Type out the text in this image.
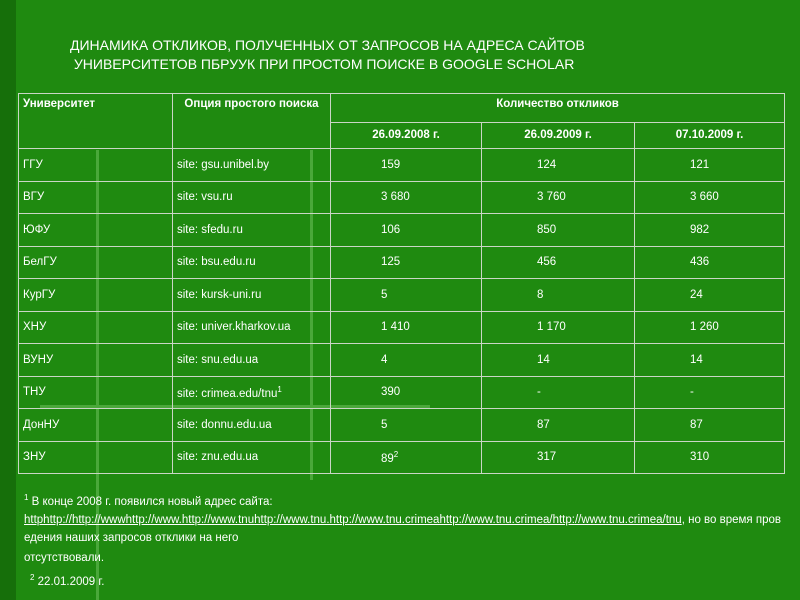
ДИНАМИКА ОТКЛИКОВ, ПОЛУЧЕННЫХ ОТ ЗАПРОСОВ НА АДРЕСА САЙТОВ
УНИВЕРСИТЕТОВ ПБРУУК ПРИ ПРОСТОМ ПОИСКЕ В GOOGLE SCHOLAR
Университет	Опция простого поиска	Количество откликов		
		26.09.2008 г.	26.09.2009 г.	07.10.2009 г.
ГГУ	site: gsu.unibel.by	159	124	121
ВГУ	site: vsu.ru	3 680	3 760	3 660
ЮФУ	site: sfedu.ru	106	850	982
БелГУ	site: bsu.edu.ru	125	456	436
КурГУ	site: kursk-uni.ru	5	8	24
ХНУ	site: univer.kharkov.ua	1 410	1 170	1 260
ВУНУ	site: snu.edu.ua	4	14	14
ТНУ	site: crimea.edu/tnu$^1$	390	-	-
ДонНУ	site: donnu.edu.ua	5	87	87
ЗНУ	site: znu.edu.ua	$89^2$	317	310
$^1$ В конце 2008 г. появился новый адрес сайта:
httphttp://http://wwwhttp://www.http://www.tnuhttp://www.tnu.http://www.tnu.crimeahttp://www.tnu.crimea/http://www.tnu.crimea/tnu, но во время проведения наших запросов отклики на него
отсутствовали.
$^2$ 22.01.2009 г.
